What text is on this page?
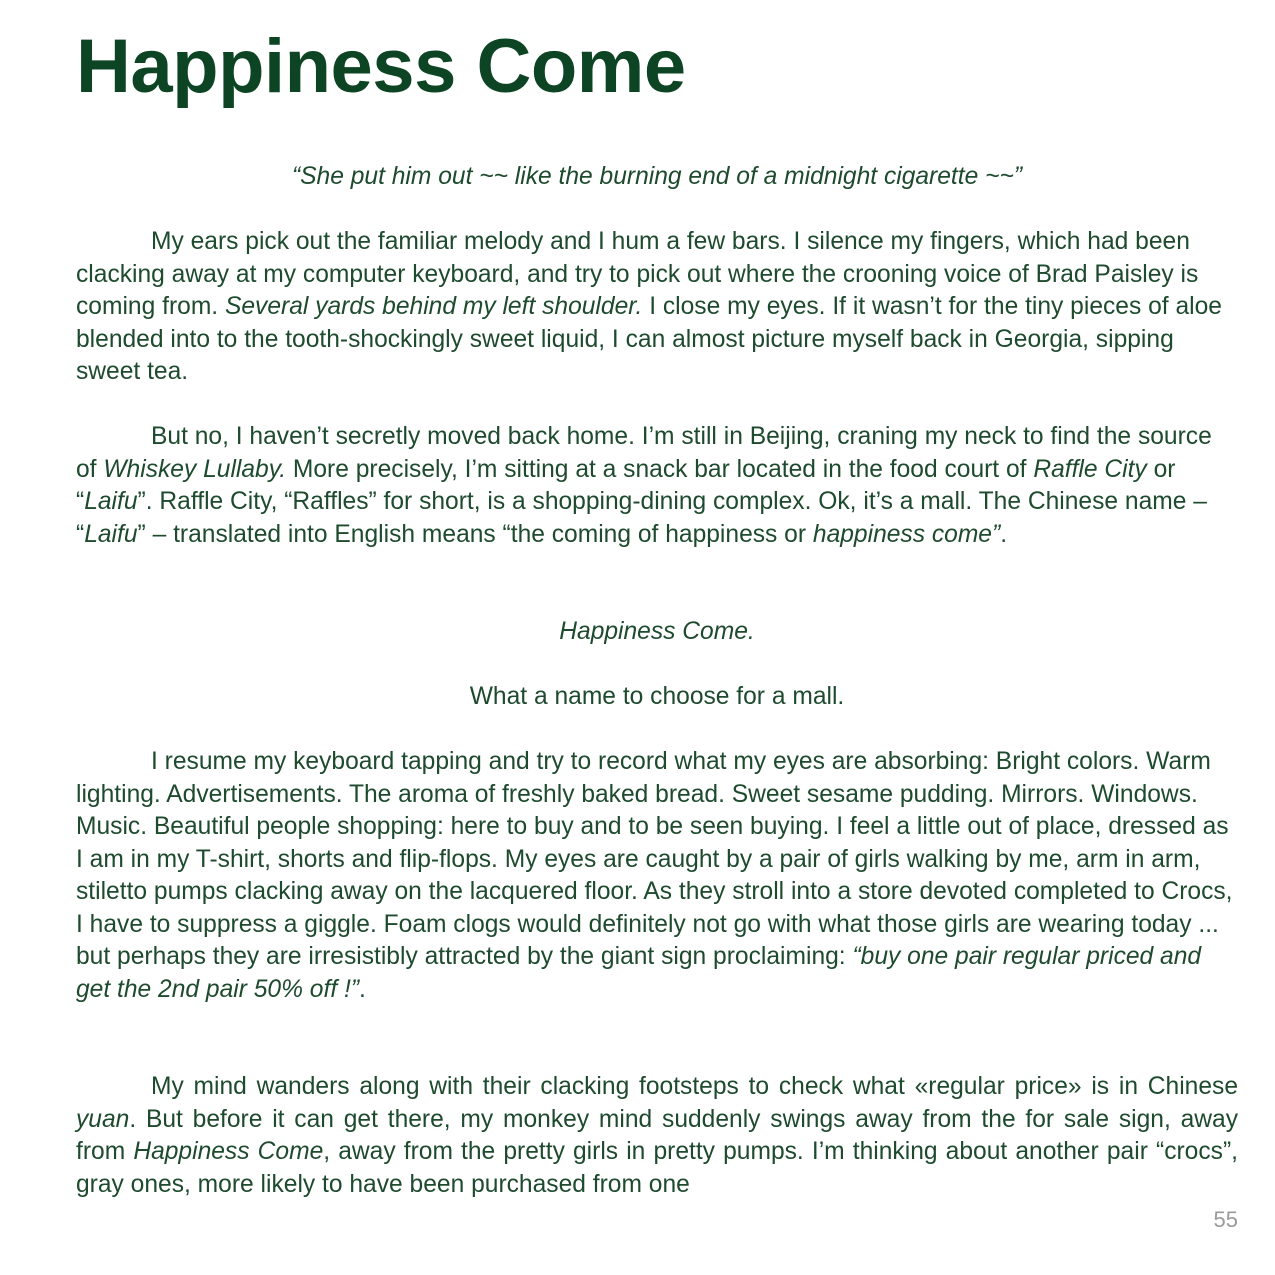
Happiness Come

“She put him out ~~ like the burning end of a midnight cigarette ~~”

My ears pick out the familiar melody and I hum a few bars. I silence my fingers, which had been clacking away at my computer keyboard, and try to pick out where the crooning voice of Brad Paisley is coming from. Several yards behind my left shoulder. I close my eyes. If it wasn’t for the tiny pieces of aloe blended into to the tooth-shockingly sweet liquid, I can almost picture myself back in Georgia, sipping sweet tea.

But no, I haven’t secretly moved back home. I’m still in Beijing, craning my neck to find the source of Whiskey Lullaby. More precisely, I’m sitting at a snack bar located in the food court of Raffle City or “Laifu”. Raffle City, “Raffles” for short, is a shopping-dining complex. Ok, it’s a mall. The Chinese name – “Laifu” – translated into English means “the coming of happiness or happiness come”.

Happiness Come.

What a name to choose for a mall.

I resume my keyboard tapping and try to record what my eyes are absorbing: Bright colors. Warm lighting. Advertisements. The aroma of freshly baked bread. Sweet sesame pudding. Mirrors. Windows. Music. Beautiful people shopping: here to buy and to be seen buying. I feel a little out of place, dressed as I am in my T-shirt, shorts and flip-flops. My eyes are caught by a pair of girls walking by me, arm in arm, stiletto pumps clacking away on the lacquered floor. As they stroll into a store devoted completed to Crocs, I have to suppress a giggle. Foam clogs would definitely not go with what those girls are wearing today ... but perhaps they are irresistibly attracted by the giant sign proclaiming: “buy one pair regular priced and get the 2nd pair 50% off !”.

My mind wanders along with their clacking footsteps to check what «regular price» is in Chinese yuan. But before it can get there, my monkey mind suddenly swings away from the for sale sign, away from Happiness Come, away from the pretty girls in pretty pumps. I’m thinking about another pair “crocs”, gray ones, more likely to have been purchased from one

55
